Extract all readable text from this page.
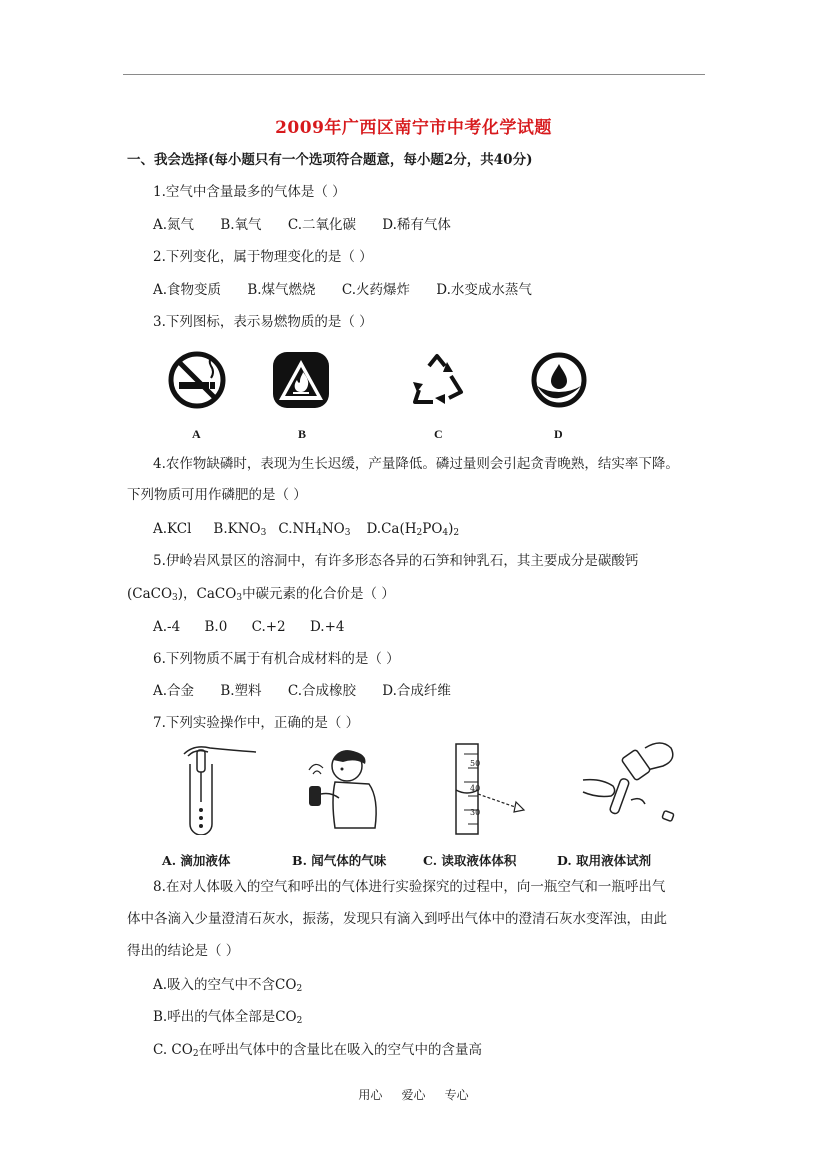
2009年广西区南宁市中考化学试题
一、我会选择(每小题只有一个选项符合题意，每小题2分，共40分)
1.空气中含量最多的气体是（ ）
A.氮气 B.氧气 C.二氧化碳 D.稀有气体
2.下列变化，属于物理变化的是（ ）
A.食物变质 B.煤气燃烧 C.火药爆炸 D.水变成水蒸气
3.下列图标，表示易燃物质的是（ ）
A	B	C	D
4.农作物缺磷时，表现为生长迟缓，产量降低。磷过量则会引起贪青晚熟，结实率下降。
下列物质可用作磷肥的是（ ）
A.KCl $B.KNO_3$ $C.NH_4NO_3$ $D.Ca(H_2PO_4)_2$
5.伊岭岩风景区的溶洞中，有许多形态各异的石笋和钟乳石，其主要成分是碳酸钙
(CaCO$_3$)，CaCO$_3$中碳元素的化合价是（ ）
A.-4 B.0 C.+2 D.+4
6.下列物质不属于有机合成材料的是（ ）
A.合金 B.塑料 C.合成橡胶 D.合成纤维
7.下列实验操作中，正确的是（ ）
50
40
30
A. 滴加液体	B. 闻气体的气味	C. 读取液体体积	D. 取用液体试剂
8.在对人体吸入的空气和呼出的气体进行实验探究的过程中，向一瓶空气和一瓶呼出气
体中各滴入少量澄清石灰水，振荡，发现只有滴入到呼出气体中的澄清石灰水变浑浊，由此
得出的结论是（ ）
A.吸入的空气中不含$CO_2$
B.呼出的气体全部是$CO_2$
C. $CO_2$在呼出气体中的含量比在吸入的空气中的含量高
用心     爱心     专心
